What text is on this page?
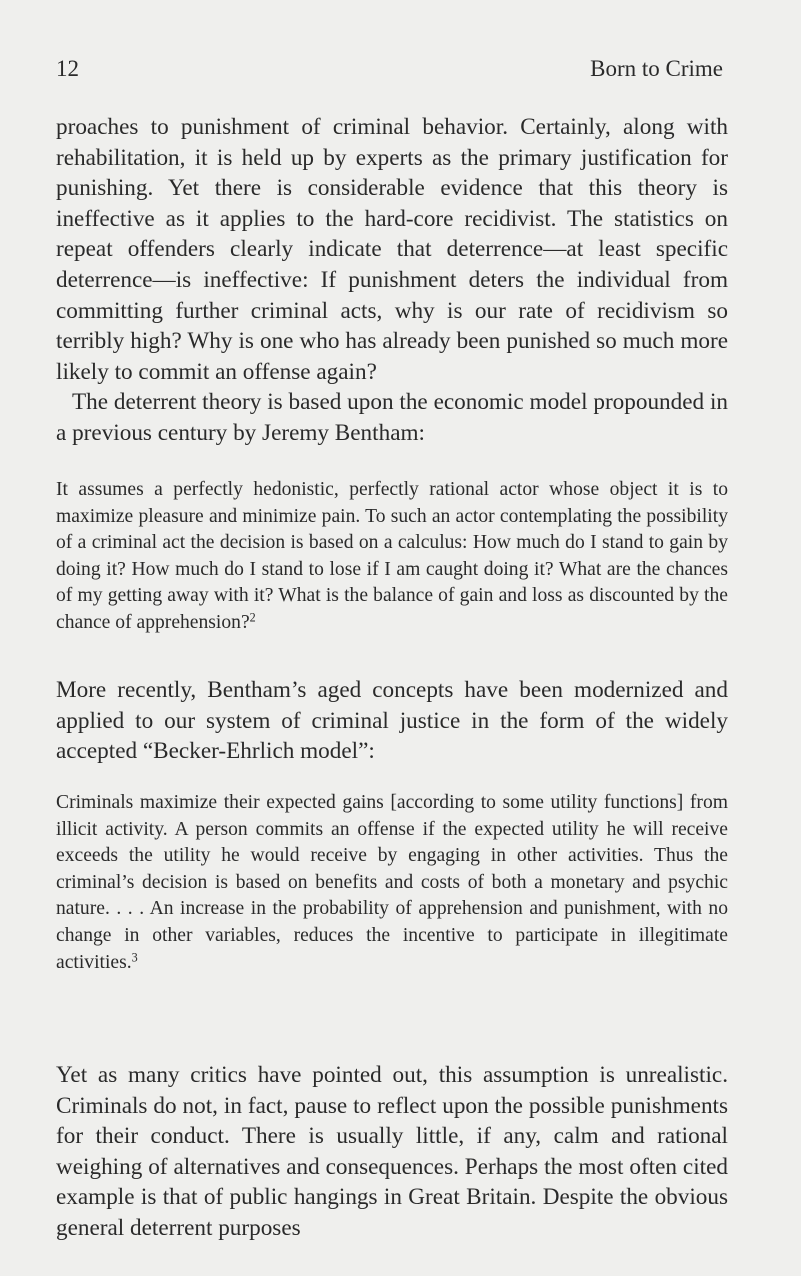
12	Born to Crime

proaches to punishment of criminal behavior. Certainly, along with rehabilitation, it is held up by experts as the primary justification for punishing. Yet there is considerable evidence that this theory is ineffective as it applies to the hard-core recidivist. The statistics on repeat offenders clearly indicate that deterrence—at least specific deterrence—is ineffective: If punishment deters the individual from committing further criminal acts, why is our rate of recidivism so terribly high? Why is one who has already been punished so much more likely to commit an offense again?

The deterrent theory is based upon the economic model propounded in a previous century by Jeremy Bentham:

It assumes a perfectly hedonistic, perfectly rational actor whose object it is to maximize pleasure and minimize pain. To such an actor contemplating the possibility of a criminal act the decision is based on a calculus: How much do I stand to gain by doing it? How much do I stand to lose if I am caught doing it? What are the chances of my getting away with it? What is the balance of gain and loss as discounted by the chance of apprehension?$^2$

More recently, Bentham’s aged concepts have been modernized and applied to our system of criminal justice in the form of the widely accepted “Becker-Ehrlich model”:

Criminals maximize their expected gains [according to some utility functions] from illicit activity. A person commits an offense if the expected utility he will receive exceeds the utility he would receive by engaging in other activities. Thus the criminal’s decision is based on benefits and costs of both a monetary and psychic nature. . . . An increase in the probability of apprehension and punishment, with no change in other variables, reduces the incentive to participate in illegitimate activities.$^3$

Yet as many critics have pointed out, this assumption is unrealistic. Criminals do not, in fact, pause to reflect upon the possible punishments for their conduct. There is usually little, if any, calm and rational weighing of alternatives and consequences. Perhaps the most often cited example is that of public hangings in Great Britain. Despite the obvious general deterrent purposes
